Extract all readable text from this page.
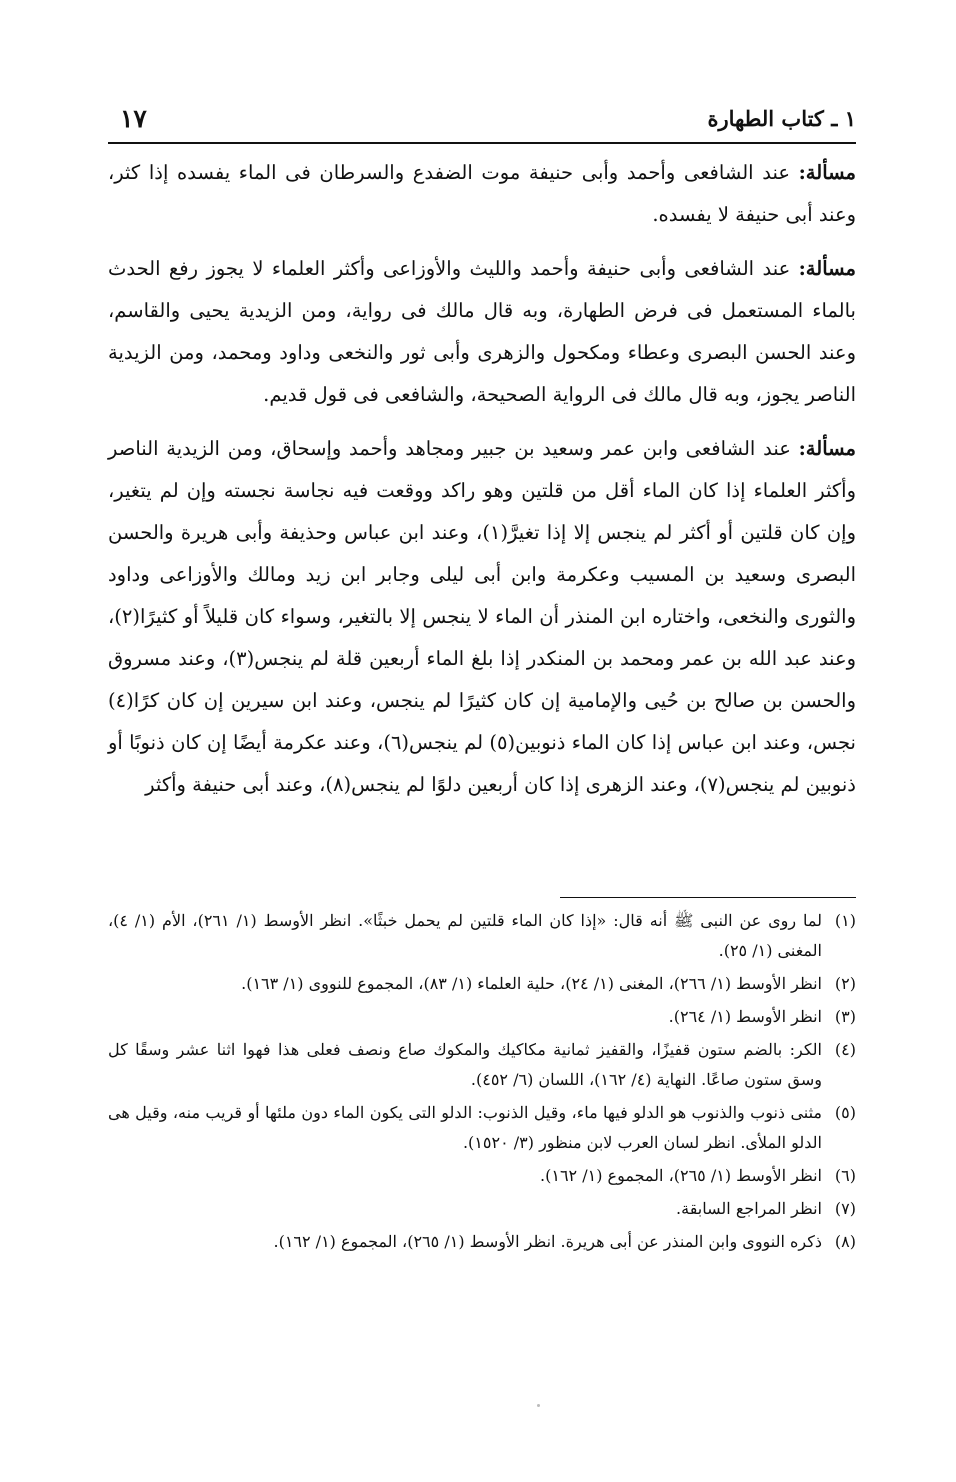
١ ـ كتاب الطهارة
١٧

مسألة: عند الشافعى وأحمد وأبى حنيفة موت الضفدع والسرطان فى الماء يفسده إذا كثر، وعند أبى حنيفة لا يفسده.

مسألة: عند الشافعى وأبى حنيفة وأحمد والليث والأوزاعى وأكثر العلماء لا يجوز رفع الحدث بالماء المستعمل فى فرض الطهارة، وبه قال مالك فى رواية، ومن الزيدية يحيى والقاسم، وعند الحسن البصرى وعطاء ومكحول والزهرى وأبى ثور والنخعى وداود ومحمد، ومن الزيدية الناصر يجوز، وبه قال مالك فى الرواية الصحيحة، والشافعى فى قول قديم.

مسألة: عند الشافعى وابن عمر وسعيد بن جبير ومجاهد وأحمد وإسحاق، ومن الزيدية الناصر وأكثر العلماء إذا كان الماء أقل من قلتين وهو راكد ووقعت فيه نجاسة نجسته وإن لم يتغير، وإن كان قلتين أو أكثر لم ينجس إلا إذا تغيرَّ(١)، وعند ابن عباس وحذيفة وأبى هريرة والحسن البصرى وسعيد بن المسيب وعكرمة وابن أبى ليلى وجابر ابن زيد ومالك والأوزاعى وداود والثورى والنخعى، واختاره ابن المنذر أن الماء لا ينجس إلا بالتغير، وسواء كان قليلاً أو كثيرًا(٢)، وعند عبد الله بن عمر ومحمد بن المنكدر إذا بلغ الماء أربعين قلة لم ينجس(٣)، وعند مسروق والحسن بن صالح بن حُيى والإمامية إن كان كثيرًا لم ينجس، وعند ابن سيرين إن كان كرًا(٤) نجس، وعند ابن عباس إذا كان الماء ذنوبين(٥) لم ينجس(٦)، وعند عكرمة أيضًا إن كان ذنوبًا أو ذنوبين لم ينجس(٧)، وعند الزهرى إذا كان أربعين دلوًا لم ينجس(٨)، وعند أبى حنيفة وأكثر

(١)
لما روى عن النبى ﷺ أنه قال: «إذا كان الماء قلتين لم يحمل خبثًا». انظر الأوسط (١/ ٢٦١)، الأم (١/ ٤)، المغنى (١/ ٢٥).
(٢)
انظر الأوسط (١/ ٢٦٦)، المغنى (١/ ٢٤)، حلية العلماء (١/ ٨٣)، المجموع للنووى (١/ ١٦٣).
(٣)
انظر الأوسط (١/ ٢٦٤).
(٤)
الكر: بالضم ستون قفيزًا، والقفيز ثمانية مكاكيك والمكوك صاع ونصف فعلى هذا فهوا اثنا عشر وسقًا كل وسق ستون صاعًا. النهاية (٤/ ١٦٢)، اللسان (٦/ ٤٥٢).
(٥)
مثنى ذنوب والذنوب هو الدلو فيها ماء، وقيل الذنوب: الدلو التى يكون الماء دون ملئها أو قريب منه، وقيل هى الدلو الملأى. انظر لسان العرب لابن منظور (٣/ ١٥٢٠).
(٦)
انظر الأوسط (١/ ٢٦٥)، المجموع (١/ ١٦٢).
(٧)
انظر المراجع السابقة.
(٨)
ذكره النووى وابن المنذر عن أبى هريرة. انظر الأوسط (١/ ٢٦٥)، المجموع (١/ ١٦٢).
